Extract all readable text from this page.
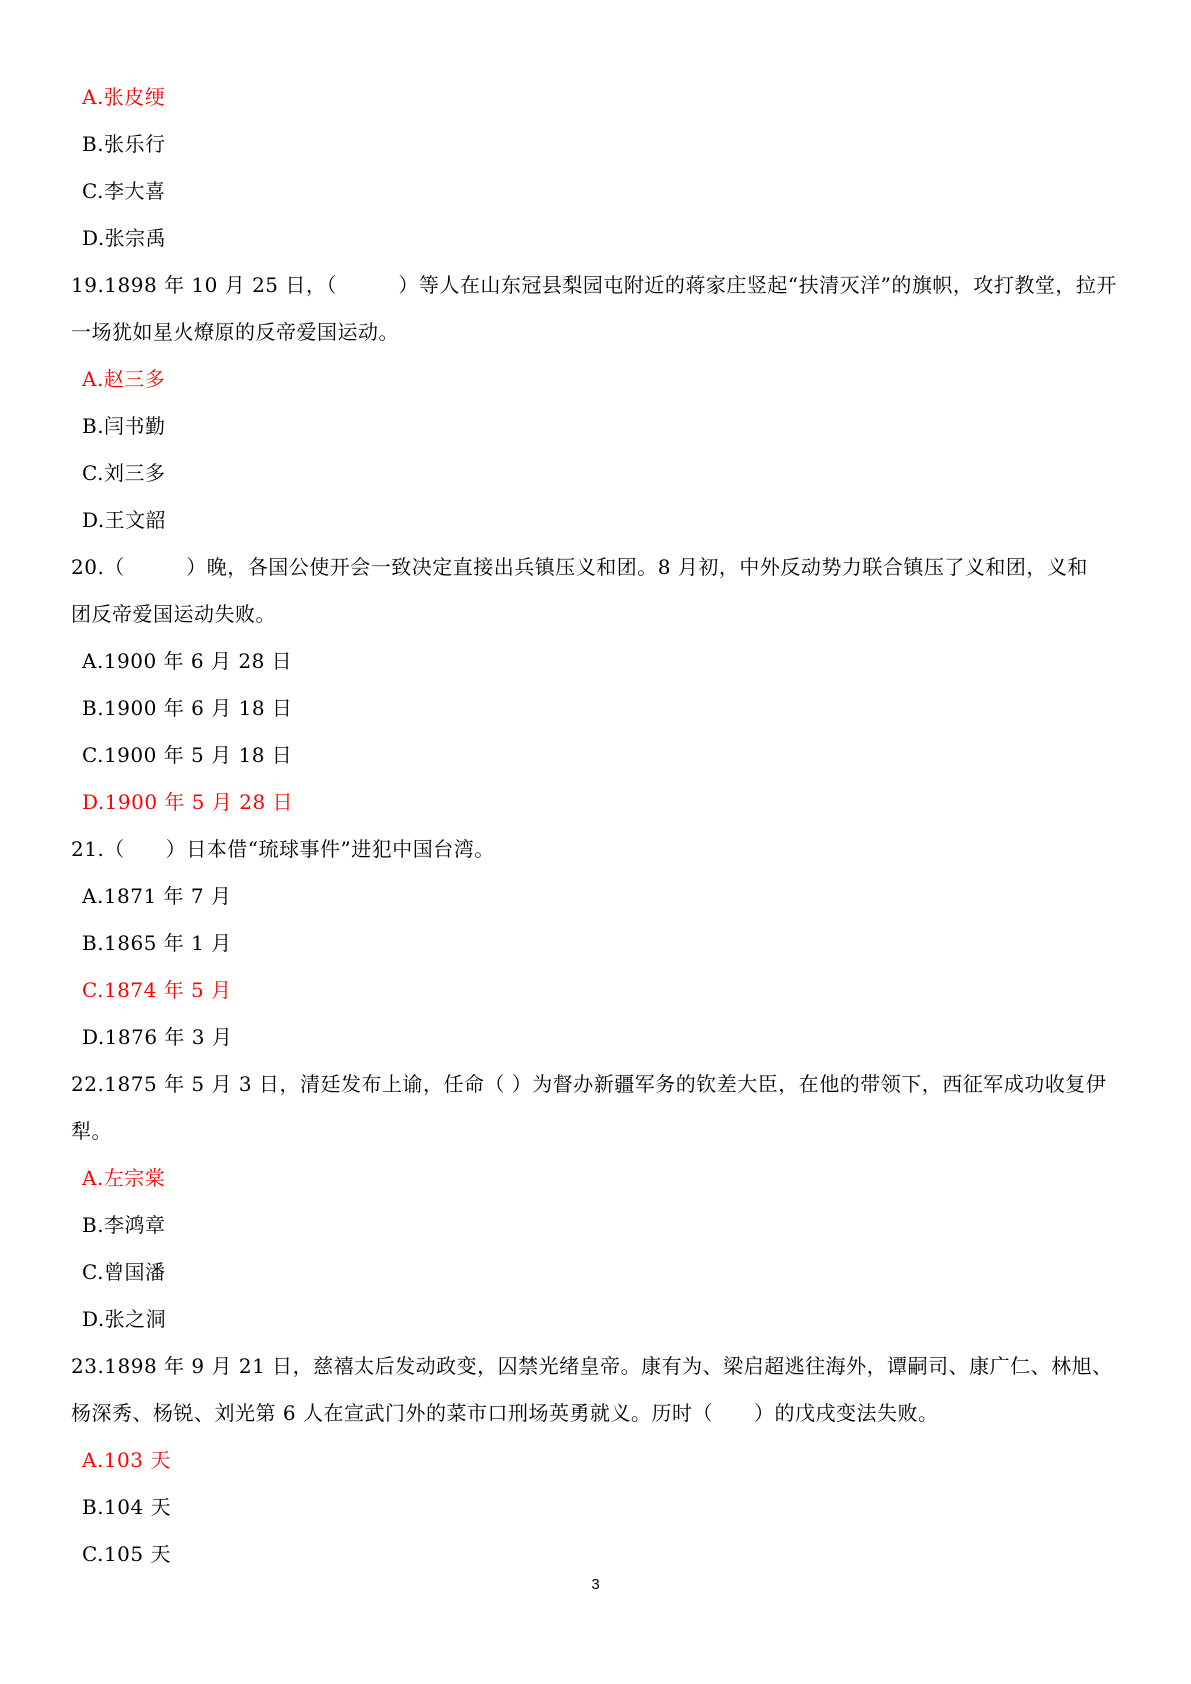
A.张皮绠
B.张乐行
C.李大喜
D.张宗禹
19.1898 年 10 月 25 日，（　　　）等人在山东冠县梨园屯附近的蒋家庄竖起“扶清灭洋”的旗帜，攻打教堂，拉开
一场犹如星火燎原的反帝爱国运动。
A.赵三多
B.闫书勤
C.刘三多
D.王文韶
20.（　　　）晚，各国公使开会一致决定直接出兵镇压义和团。8 月初，中外反动势力联合镇压了义和团，义和
团反帝爱国运动失败。
A.1900 年 6 月 28 日
B.1900 年 6 月 18 日
C.1900 年 5 月 18 日
D.1900 年 5 月 28 日
21.（　　）日本借“琉球事件”进犯中国台湾。
A.1871 年 7 月
B.1865 年 1 月
C.1874 年 5 月
D.1876 年 3 月
22.1875 年 5 月 3 日，清廷发布上谕，任命（ ）为督办新疆军务的钦差大臣，在他的带领下，西征军成功收复伊
犁。
A.左宗棠
B.李鸿章
C.曾国潘
D.张之洞
23.1898 年 9 月 21 日，慈禧太后发动政变，囚禁光绪皇帝。康有为、梁启超逃往海外，谭嗣司、康广仁、林旭、
杨深秀、杨锐、刘光第 6 人在宣武门外的菜市口刑场英勇就义。历时（　　）的戊戌变法失败。
A.103 天
B.104 天
C.105 天
3
